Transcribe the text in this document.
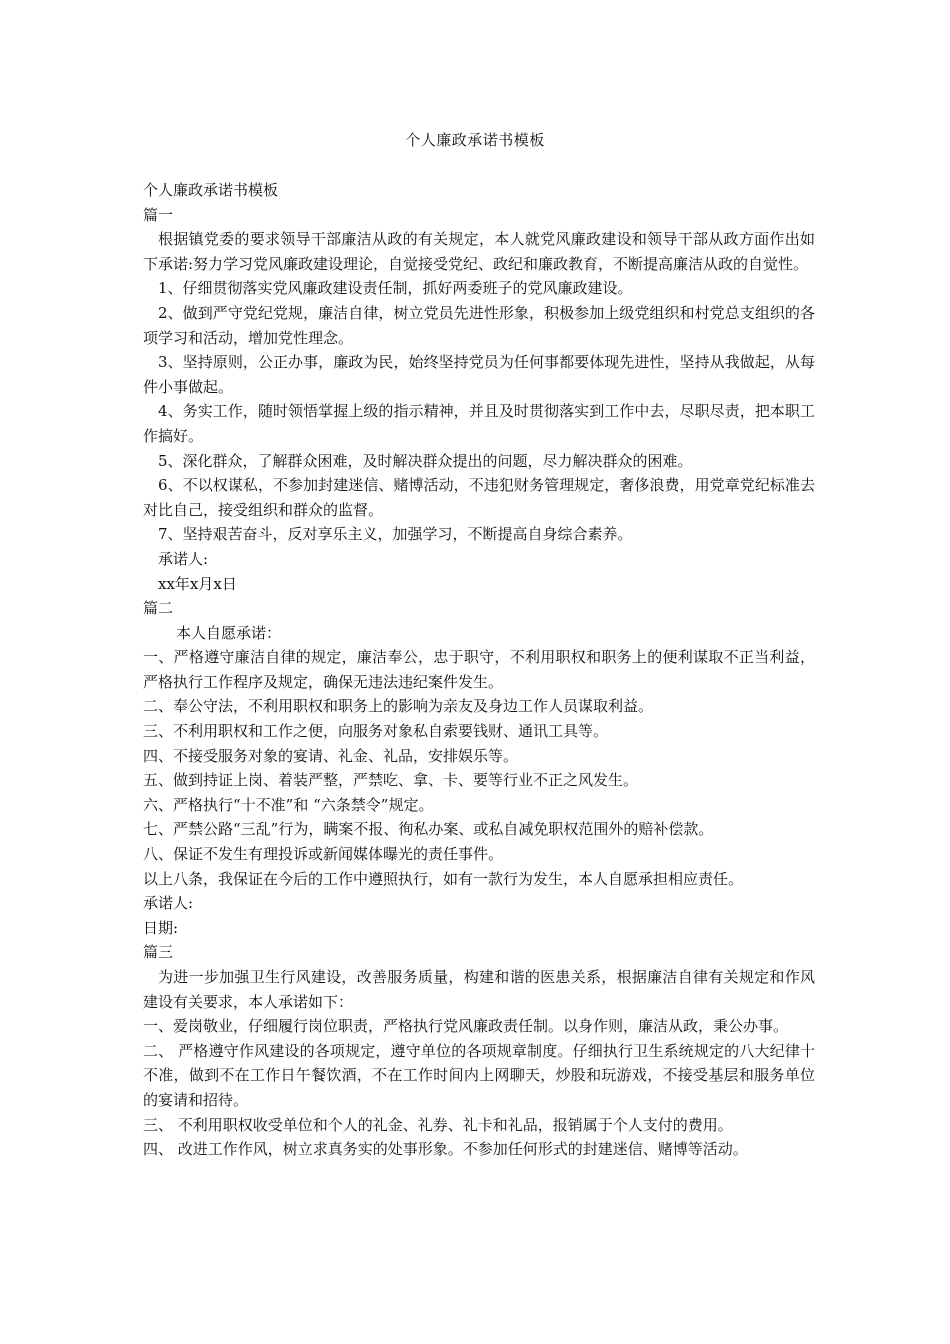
个人廉政承诺书模板

个人廉政承诺书模板

篇一

根据镇党委的要求领导干部廉洁从政的有关规定，本人就党风廉政建设和领导干部从政方面作出如下承诺:努力学习党风廉政建设理论，自觉接受党纪、政纪和廉政教育，不断提高廉洁从政的自觉性。

1、仔细贯彻落实党风廉政建设责任制，抓好两委班子的党风廉政建设。

2、做到严守党纪党规，廉洁自律，树立党员先进性形象，积极参加上级党组织和村党总支组织的各项学习和活动，增加党性理念。

3、坚持原则，公正办事，廉政为民，始终坚持党员为任何事都要体现先进性，坚持从我做起，从每件小事做起。

4、务实工作，随时领悟掌握上级的指示精神，并且及时贯彻落实到工作中去，尽职尽责，把本职工作搞好。

5、深化群众，了解群众困难，及时解决群众提出的问题，尽力解决群众的困难。

6、不以权谋私，不参加封建迷信、赌博活动，不违犯财务管理规定，奢侈浪费，用党章党纪标准去对比自己，接受组织和群众的监督。

7、坚持艰苦奋斗，反对享乐主义，加强学习，不断提高自身综合素养。

承诺人:

xx年x月x日

篇二

本人自愿承诺：

一、严格遵守廉洁自律的规定，廉洁奉公，忠于职守，不利用职权和职务上的便利谋取不正当利益，严格执行工作程序及规定，确保无违法违纪案件发生。

二、奉公守法，不利用职权和职务上的影响为亲友及身边工作人员谋取利益。

三、不利用职权和工作之便，向服务对象私自索要钱财、通讯工具等。

四、不接受服务对象的宴请、礼金、礼品，安排娱乐等。

五、做到持证上岗、着装严整，严禁吃、拿、卡、要等行业不正之风发生。

六、严格执行“十不准”和 “六条禁令”规定。

七、严禁公路“三乱”行为，瞒案不报、徇私办案、或私自减免职权范围外的赔补偿款。

八、保证不发生有理投诉或新闻媒体曝光的责任事件。

以上八条，我保证在今后的工作中遵照执行，如有一款行为发生，本人自愿承担相应责任。

承诺人:

日期:

篇三

为进一步加强卫生行风建设，改善服务质量，构建和谐的医患关系，根据廉洁自律有关规定和作风建设有关要求，本人承诺如下：

一、爱岗敬业，仔细履行岗位职责，严格执行党风廉政责任制。以身作则，廉洁从政，秉公办事。

二、 严格遵守作风建设的各项规定，遵守单位的各项规章制度。仔细执行卫生系统规定的八大纪律十不准，做到不在工作日午餐饮酒，不在工作时间内上网聊天，炒股和玩游戏，不接受基层和服务单位的宴请和招待。

三、 不利用职权收受单位和个人的礼金、礼券、礼卡和礼品，报销属于个人支付的费用。

四、 改进工作作风，树立求真务实的处事形象。不参加任何形式的封建迷信、赌博等活动。
